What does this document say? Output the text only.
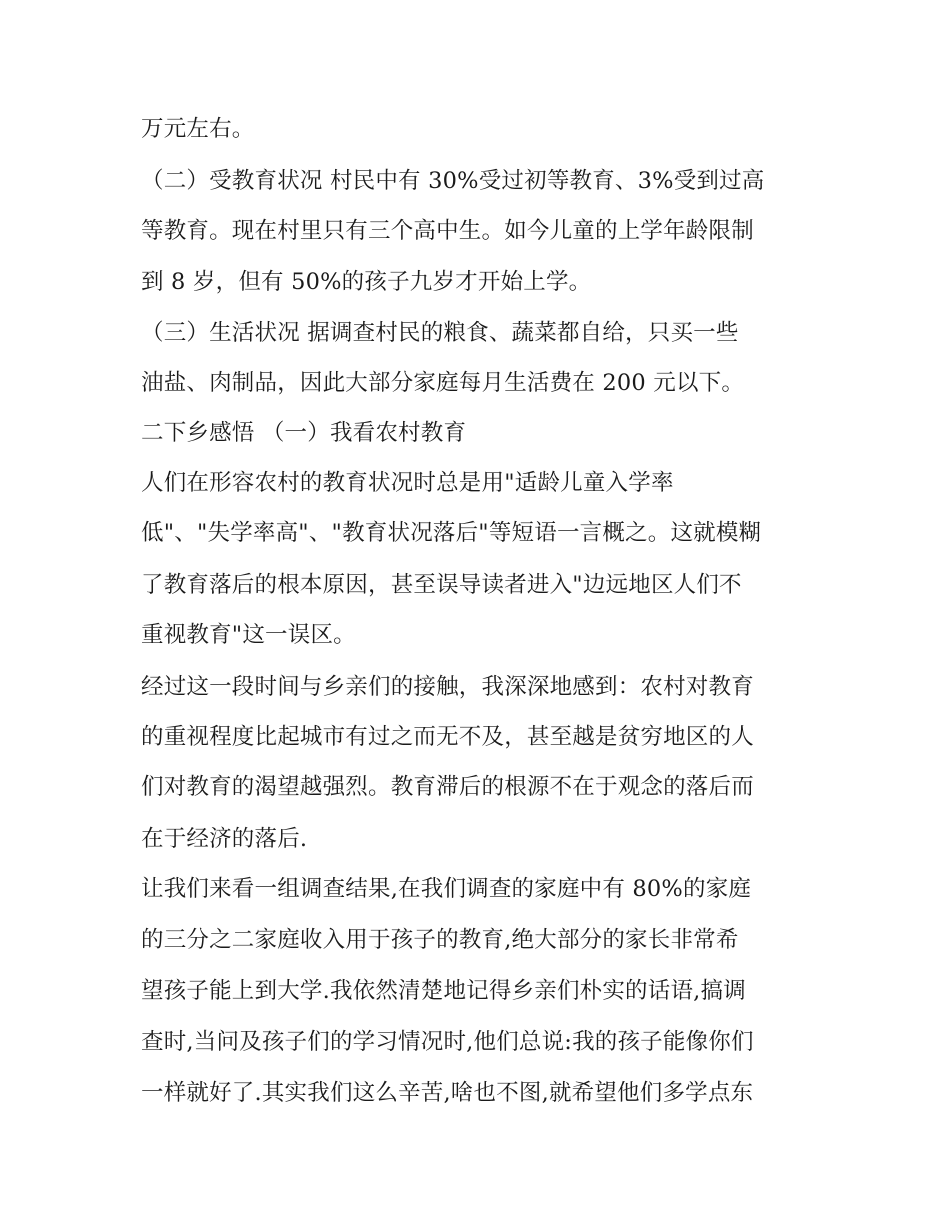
万元左右。
（二）受教育状况 村民中有 30%受过初等教育、3%受到过高
等教育。现在村里只有三个高中生。如今儿童的上学年龄限制
到 8 岁，但有 50%的孩子九岁才开始上学。
（三）生活状况 据调查村民的粮食、蔬菜都自给，只买一些
油盐、肉制品，因此大部分家庭每月生活费在 200 元以下。
二下乡感悟 （一）我看农村教育
人们在形容农村的教育状况时总是用"适龄儿童入学率
低"、"失学率高"、"教育状况落后"等短语一言概之。这就模糊
了教育落后的根本原因，甚至误导读者进入"边远地区人们不
重视教育"这一误区。
经过这一段时间与乡亲们的接触，我深深地感到：农村对教育
的重视程度比起城市有过之而无不及，甚至越是贫穷地区的人
们对教育的渴望越强烈。教育滞后的根源不在于观念的落后而
在于经济的落后.
让我们来看一组调查结果,在我们调查的家庭中有 80%的家庭
的三分之二家庭收入用于孩子的教育,绝大部分的家长非常希
望孩子能上到大学.我依然清楚地记得乡亲们朴实的话语,搞调
查时,当问及孩子们的学习情况时,他们总说:我的孩子能像你们
一样就好了.其实我们这么辛苦,啥也不图,就希望他们多学点东
